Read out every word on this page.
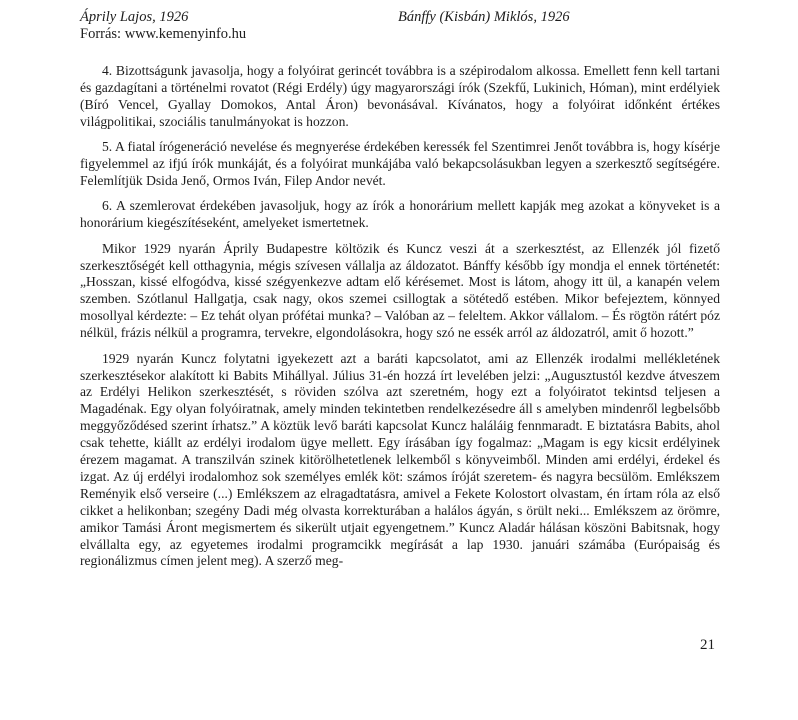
Áprily Lajos, 1926	Bánffy (Kisbán) Miklós, 1926
Forrás: www.kemenyinfo.hu

4. Bizottságunk javasolja, hogy a folyóirat gerincét továbbra is a szépirodalom alkossa. Emellett fenn kell tartani és gazdagítani a történelmi rovatot (Régi Erdély) úgy magyarországi írók (Szekfű, Lukinich, Hóman), mint erdélyiek (Bíró Vencel, Gyallay Domokos, Antal Áron) bevonásával. Kívánatos, hogy a folyóirat időnként értékes világpolitikai, szociális tanulmányokat is hozzon.

5. A fiatal írógeneráció nevelése és megnyerése érdekében keressék fel Szentimrei Jenőt továbbra is, hogy kísérje figyelemmel az ifjú írók munkáját, és a folyóirat munkájába való bekapcsolásukban legyen a szerkesztő segítségére. Felemlítjük Dsida Jenő, Ormos Iván, Filep Andor nevét.

6. A szemlerovat érdekében javasoljuk, hogy az írók a honorárium mellett kapják meg azokat a könyveket is a honorárium kiegészítéseként, amelyeket ismertetnek.

Mikor 1929 nyarán Áprily Budapestre költözik és Kuncz veszi át a szerkesztést, az Ellenzék jól fizető szerkesztőségét kell otthagynia, mégis szívesen vállalja az áldozatot. Bánffy később így mondja el ennek történetét: „Hosszan, kissé elfogódva, kissé szégyenkezve adtam elő kérésemet. Most is látom, ahogy itt ül, a kanapén velem szemben. Szótlanul Hallgatja, csak nagy, okos szemei csillogtak a sötétedő estében. Mikor befejeztem, könnyed mosollyal kérdezte: – Ez tehát olyan prófétai munka? – Valóban az – feleltem. Akkor vállalom. – És rögtön rátért póz nélkül, frázis nélkül a programra, tervekre, elgondolásokra, hogy szó ne essék arról az áldozatról, amit ő hozott.”

1929 nyarán Kuncz folytatni igyekezett azt a baráti kapcsolatot, ami az Ellenzék irodalmi mellékletének szerkesztésekor alakított ki Babits Mihállyal. Július 31-én hozzá írt levelében jelzi: „Augusztustól kezdve átveszem az Erdélyi Helikon szerkesztését, s röviden szólva azt szeretném, hogy ezt a folyóiratot tekintsd teljesen a Magadénak. Egy olyan folyóiratnak, amely minden tekintetben rendelkezésedre áll s amelyben mindenről legbelsőbb meggyőződésed szerint írhatsz.” A köztük levő baráti kapcsolat Kuncz haláláig fennmaradt. E biztatásra Babits, ahol csak tehette, kiállt az erdélyi irodalom ügye mellett. Egy írásában így fogalmaz: „Magam is egy kicsit erdélyinek érezem magamat. A transzilván szinek kitörölhetetlenek lelkemből s könyveimből. Minden ami erdélyi, érdekel és izgat. Az új erdélyi irodalomhoz sok személyes emlék köt: számos íróját szeretem- és nagyra becsülöm. Emlékszem Reményik első verseire (...) Emlékszem az elragadtatásra, amivel a Fekete Kolostort olvastam, én írtam róla az első cikket a helikonban; szegény Dadi még olvasta korrekturában a halálos ágyán, s örült neki... Emlékszem az örömre, amikor Tamási Áront megismertem és sikerült utjait egyengetnem.” Kuncz Aladár hálásan köszöni Babitsnak, hogy elvállalta egy, az egyetemes irodalmi programcikk megírását a lap 1930. januári számába (Európaiság és regionálizmus címen jelent meg). A szerző meg-

21
